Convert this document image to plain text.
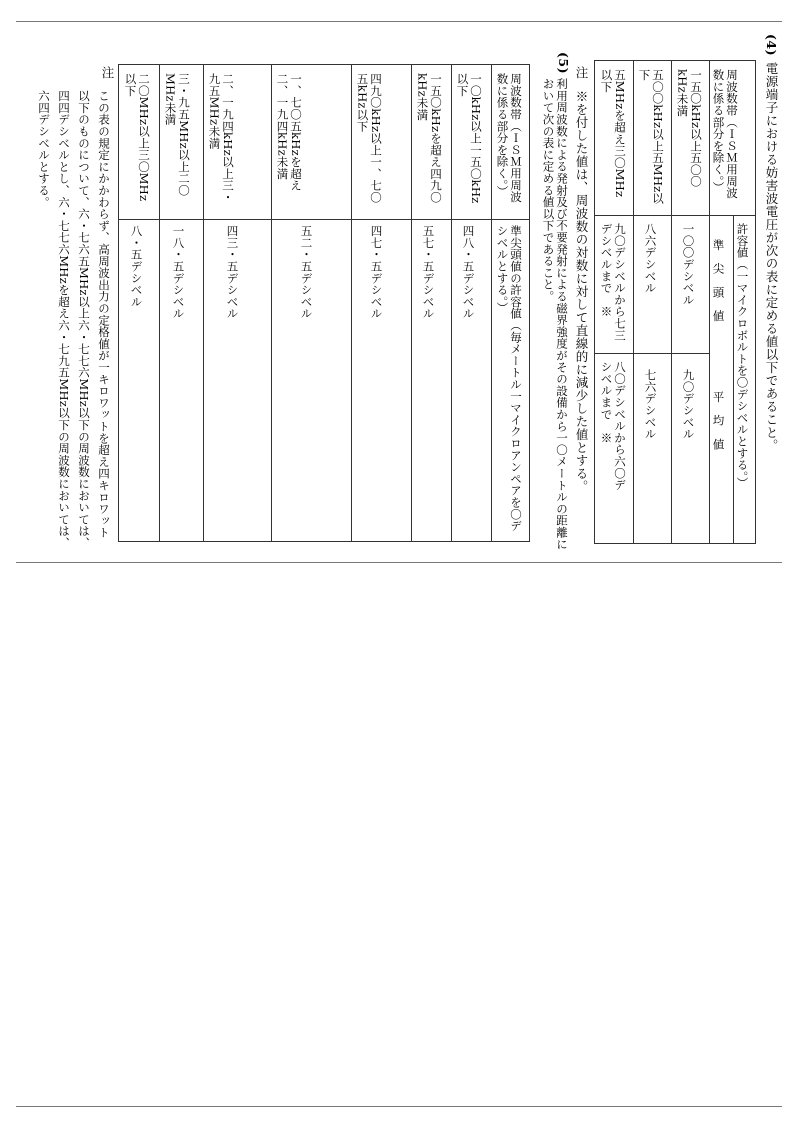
(4)
電源端子における妨害波電圧が次の表に定める値以下であること。
周波数帯（ＩＳＭ用周波数に係る部分を除く。）
許容値（一マイクロボルトを〇デシベルとする。）
準　尖　頭　値
平　均　値
一五〇kHz以上五〇〇kHz未満
一〇〇デシベル
九〇デシベル
五〇〇kHz以上五MHz以下
八六デシベル
七六デシベル
五MHzを超え三〇MHz以下
九〇デシベルから七三デシベルまで　※
八〇デシベルから六〇デシベルまで　※
注
※を付した値は、周波数の対数に対して直線的に減少した値とする。
(5)
利用周波数による発射及び不要発射による磁界強度がその設備から一〇メートルの距離において次の表に定める値以下であること。
周波数帯（ＩＳＭ用周波数に係る部分を除く。）
準尖頭値の許容値（毎メートル一マイクロアンペアを〇デシベルとする。）
一〇kHz以上一五〇kHz以下
四八・五デシベル
一五〇kHzを超え四九〇kHz未満
五七・五デシベル
四九〇kHz以上一、七〇五kHz以下
四七・五デシベル
一、七〇五kHzを超え二、一九四kHz未満
五二・五デシベル
二、一九四kHz以上三・九五MHz未満
四三・五デシベル
三・九五MHz以上二〇MHz未満
一八・五デシベル
二〇MHz以上三〇MHz以下
八・五デシベル
注
この表の規定にかかわらず、高周波出力の定格値が一キロワットを超え四キロワット以下のものについて、六・七六五MHz以上六・七七六MHz以下の周波数においては、四四デシベルとし、六・七七六MHzを超え六・七九五MHz以下の周波数においては、六四デシベルとする。
